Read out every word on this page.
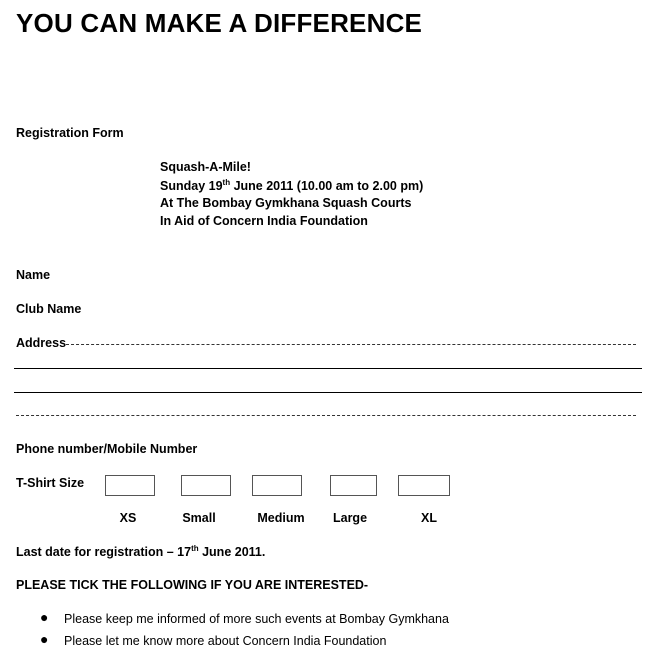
YOU CAN MAKE A DIFFERENCE
Registration Form
Squash-A-Mile!
Sunday 19th June 2011 (10.00 am to 2.00 pm)
At The Bombay Gymkhana Squash Courts
In Aid of Concern India Foundation
Name
Club Name
Address
Phone number/Mobile Number
T-Shirt Size
XS	Small	Medium Large	XL
Last date for registration – 17th June 2011.
PLEASE TICK THE FOLLOWING IF YOU ARE INTERESTED-
● Please keep me informed of more such events at Bombay Gymkhana
● Please let me know more about Concern India Foundation
